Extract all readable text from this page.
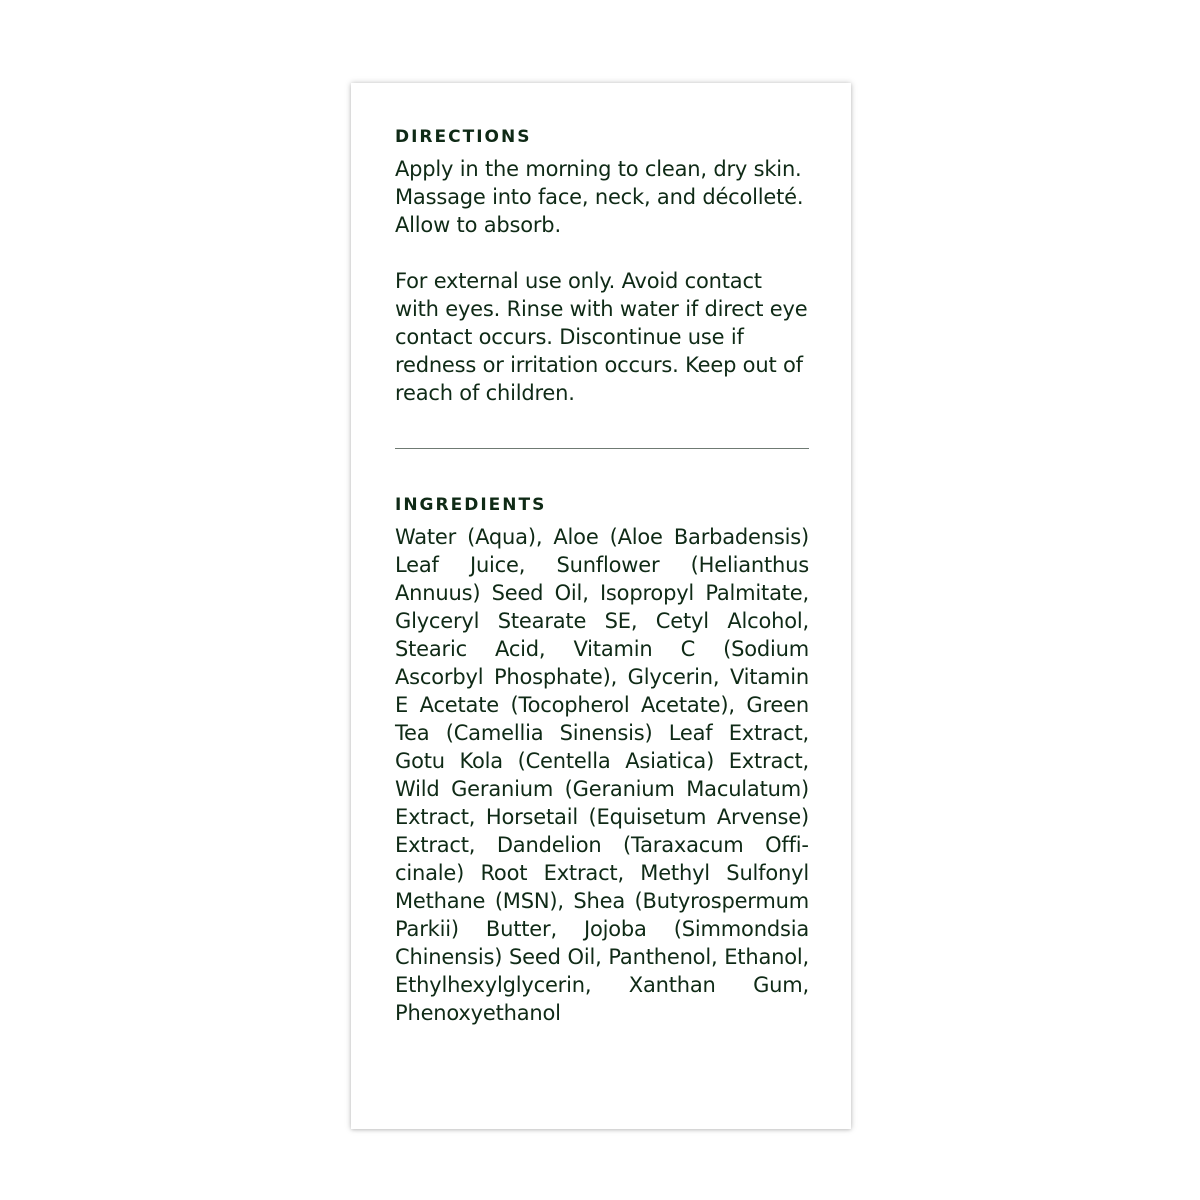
DIRECTIONS

Apply in the morning to clean, dry skin. Massage into face, neck, and décolleté. Allow to absorb.

For external use only. Avoid contact with eyes. Rinse with water if direct eye contact occurs. Discontinue use if redness or irritation occurs. Keep out of reach of children.

INGREDIENTS

Water (Aqua), Aloe (Aloe Barbadensis) Leaf Juice, Sunflower (Helianthus Annuus) Seed Oil, Isopropyl Palmitate, Glyceryl Stearate SE, Cetyl Alcohol, Stearic Acid, Vitamin C (Sodium Ascorbyl Phosphate), Glycerin, Vitamin E Acetate (Tocopherol Acetate), Green Tea (Camellia Sinensis) Leaf Extract, Gotu Kola (Centella Asiatica) Extract, Wild Geranium (Geranium Maculatum) Extract, Horsetail (Equisetum Arvense) Extract, Dandelion (Taraxacum Officinale) Root Extract, Methyl Sulfonyl Methane (MSN), Shea (Butyrospermum Parkii) Butter, Jojoba (Simmondsia Chinensis) Seed Oil, Panthenol, Ethanol, Ethylhexylglycerin, Xanthan Gum, Phenoxyethanol
